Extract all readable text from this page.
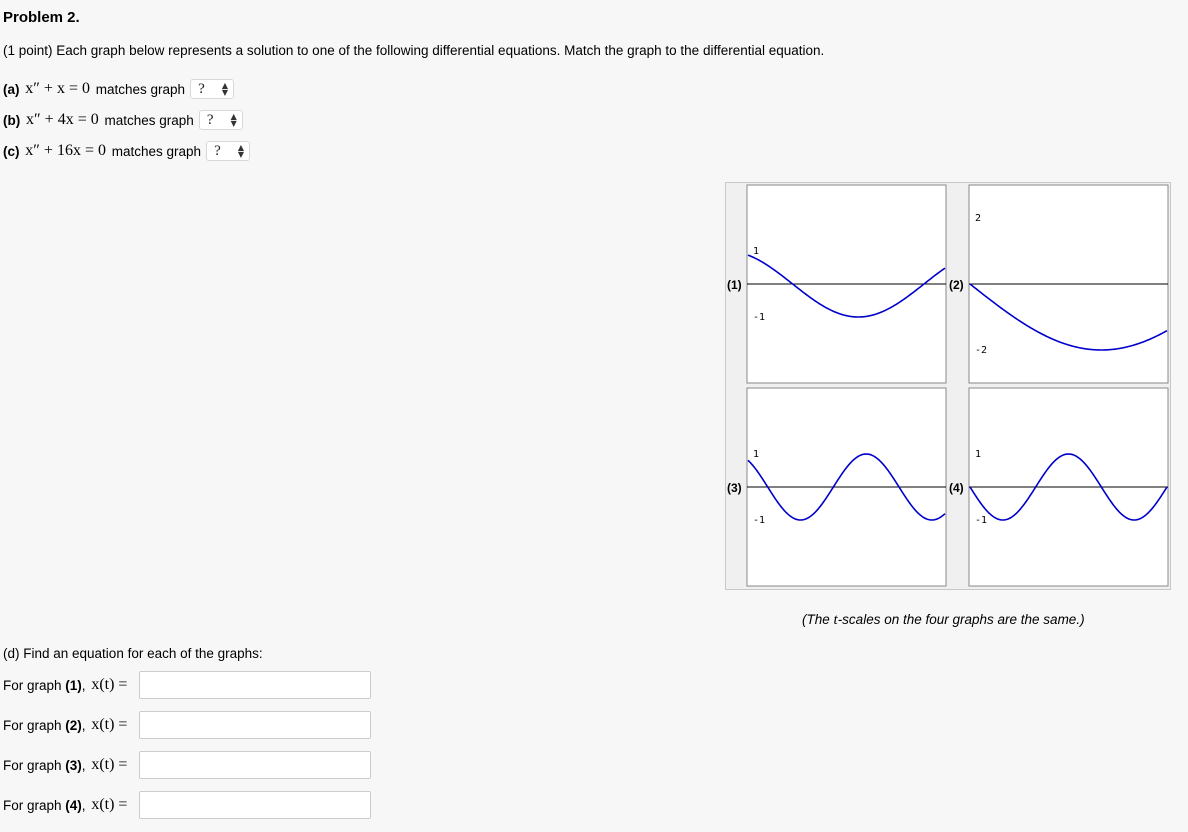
Problem 2.
(1 point) Each graph below represents a solution to one of the following differential equations. Match the graph to the differential equation.
(a)
x″ + x = 0
matches graph ? ▲
▼
(b)
x″ + 4x = 0
matches graph ? ▲
▼
(c)
x″ + 16x = 0
matches graph ? ▲
▼
(1)
1
-1
(2)
2
-2
(3)
1
-1
(4)
1
-1
(The t-scales on the four graphs are the same.)
(d) Find an equation for each of the graphs:
For graph
(1) , x(t) =
For graph
(2) , x(t) =
For graph
(3) , x(t) =
For graph
(4) , x(t) =
